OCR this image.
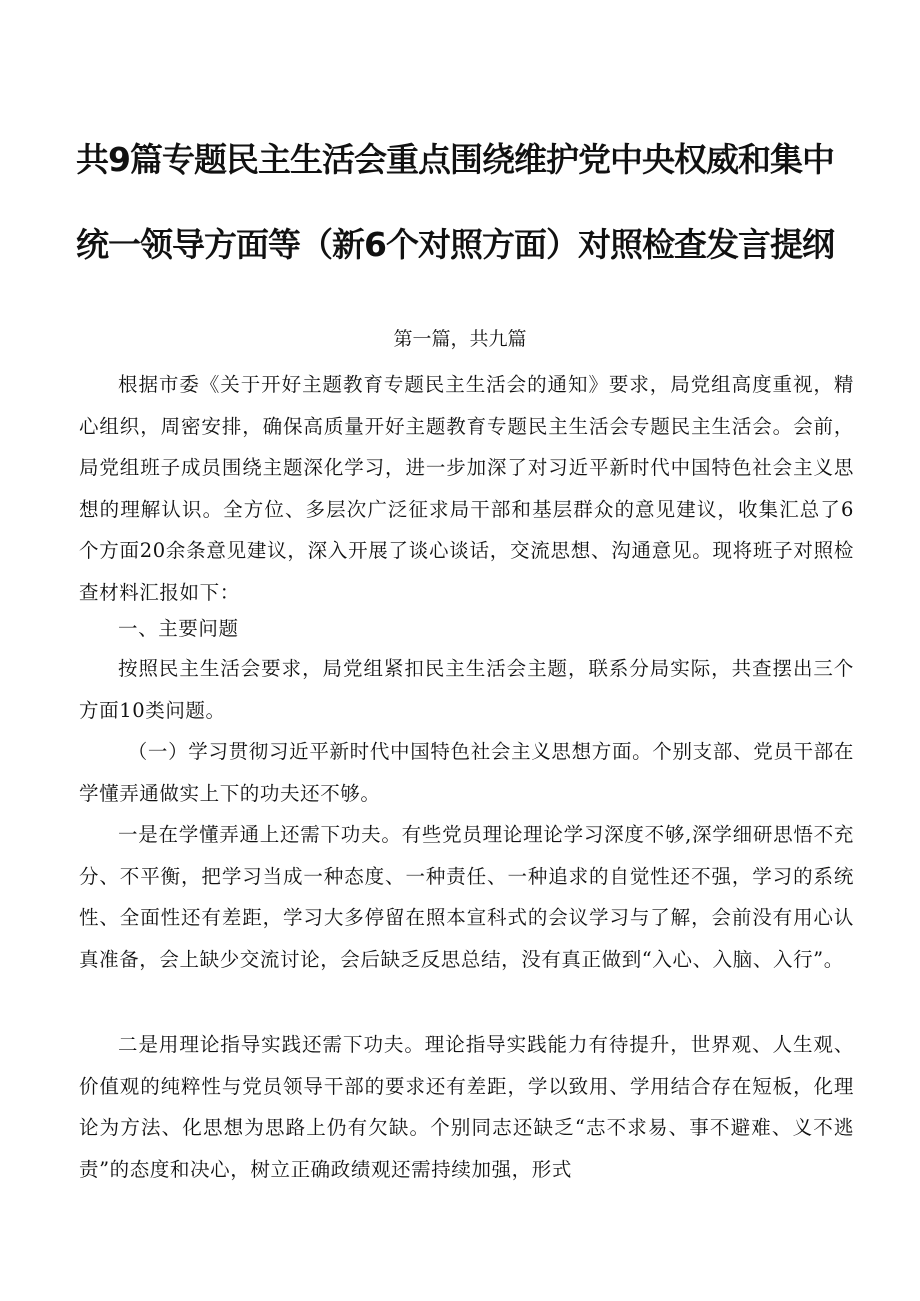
共9篇专题民主生活会重点围绕维护党中央权威和集中
统一领导方面等（新6个对照方面）对照检查发言提纲
第一篇，共九篇
根据市委《关于开好主题教育专题民主生活会的通知》要求，局党组高度重视，精心组织，周密安排，确保高质量开好主题教育专题民主生活会专题民主生活会。会前，局党组班子成员围绕主题深化学习，进一步加深了对习近平新时代中国特色社会主义思想的理解认识。全方位、多层次广泛征求局干部和基层群众的意见建议，收集汇总了6个方面20余条意见建议，深入开展了谈心谈话，交流思想、沟通意见。现将班子对照检查材料汇报如下：
一、主要问题
按照民主生活会要求，局党组紧扣民主生活会主题，联系分局实际，共查摆出三个方面10类问题。
（一）学习贯彻习近平新时代中国特色社会主义思想方面。个别支部、党员干部在学懂弄通做实上下的功夫还不够。
一是在学懂弄通上还需下功夫。有些党员理论理论学习深度不够,深学细研思悟不充分、不平衡，把学习当成一种态度、一种责任、一种追求的自觉性还不强，学习的系统性、全面性还有差距，学习大多停留在照本宣科式的会议学习与了解，会前没有用心认真准备，会上缺少交流讨论，会后缺乏反思总结，没有真正做到“入心、入脑、入行”。
二是用理论指导实践还需下功夫。理论指导实践能力有待提升，世界观、人生观、价值观的纯粹性与党员领导干部的要求还有差距，学以致用、学用结合存在短板，化理论为方法、化思想为思路上仍有欠缺。个别同志还缺乏“志不求易、事不避难、义不逃责”的态度和决心，树立正确政绩观还需持续加强，形式
